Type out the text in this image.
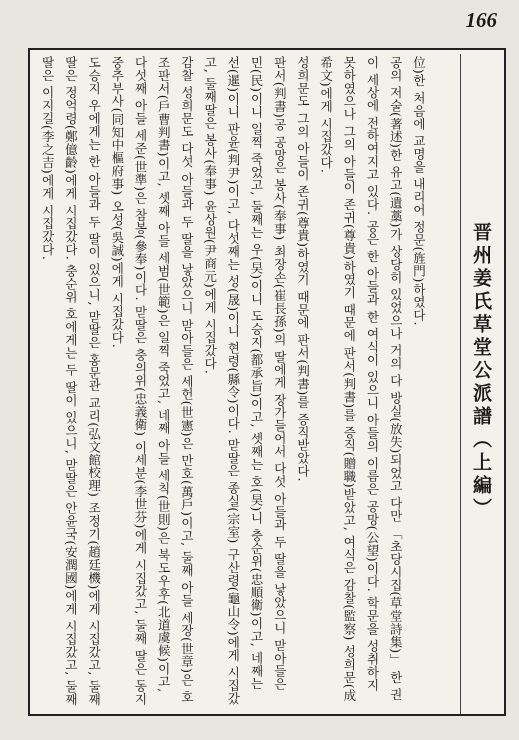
166
晋州姜氏草堂公派譜（上編）

位)한 처음에 교명을 내리어 정문(旌門)하였다.

공의 저술(著述)한 유고(遺藁)가 상당히 있었으나 거의 다 방실(放失)되었고 다만 「초당시집(草堂詩集)」 한 권이 세상에 전하여지고 있다. 공은 한 아들과 한 여식이 있으니 아들의 이름은 공망(公望)이다. 학문을 성취하지 못하였으나 그의 아들이 존귀(尊貴)하였기 때문에 판서(判書)를 증직(贈職)받았고, 여식은 감찰(監察) 성희문(成希文)에게 시집갔다.

성희문도 그의 아들이 존귀(尊貴)하였기 때문에 판서(判書)를 증직받았다.

판서(判書)공 공망은 봉사(奉事) 최장손(崔長孫)의 딸에게 장가들어서 다섯 아들과 두 딸을 낳았으니 맏아들은 민(民)이니 일찍 죽었고, 둘째는 우(旲)이니 도승지(都承旨)이고, 셋째는 호(昊)니 충순위(忠順衛)이고, 네째는 선(暹)이니 판윤(判尹)이고, 다섯째는 성(晟)이니 현령(縣令)이다. 맏딸은 종실(宗室) 구산령(龜山令)에게 시집갔고, 둘째딸은 봉사(奉事) 윤상원(尹商元)에게 시집갔다.

감찰 성희문도 다섯 아들과 두 딸을 낳았으니 맏아들은 세헌(世憲)은 만호(萬戶)이고, 둘째 아들 세장(世章)은 호조판서(戶曹判書)이고, 셋째 아들 세범(世範)은 일찍 죽었고, 네째 아들 세칙(世則)은 북도우후(北道虞候)이고, 다섯째 아들 세준(世準)은 참봉(參奉)이다. 맏딸은 충의위(忠義衛) 이세분(李世芬)에게 시집갔고, 둘째 딸은 동지중추부사(同知中樞府事) 오성(吳誠)에게 시집갔다.

도승지 우에게는 한 아들과 두 딸이 있으니, 맏딸은 홍문관 교리(弘文館校理) 조정기(趙廷機)에게 시집갔고, 둘째 딸은 정억령(鄭億齡)에게 시집갔다. 충순위 호에게는 두 딸이 있으니, 맏딸은 안윤국(安潤國)에게 시집갔고, 둘째 딸은 이지길(李之吉)에게 시집갔다.
